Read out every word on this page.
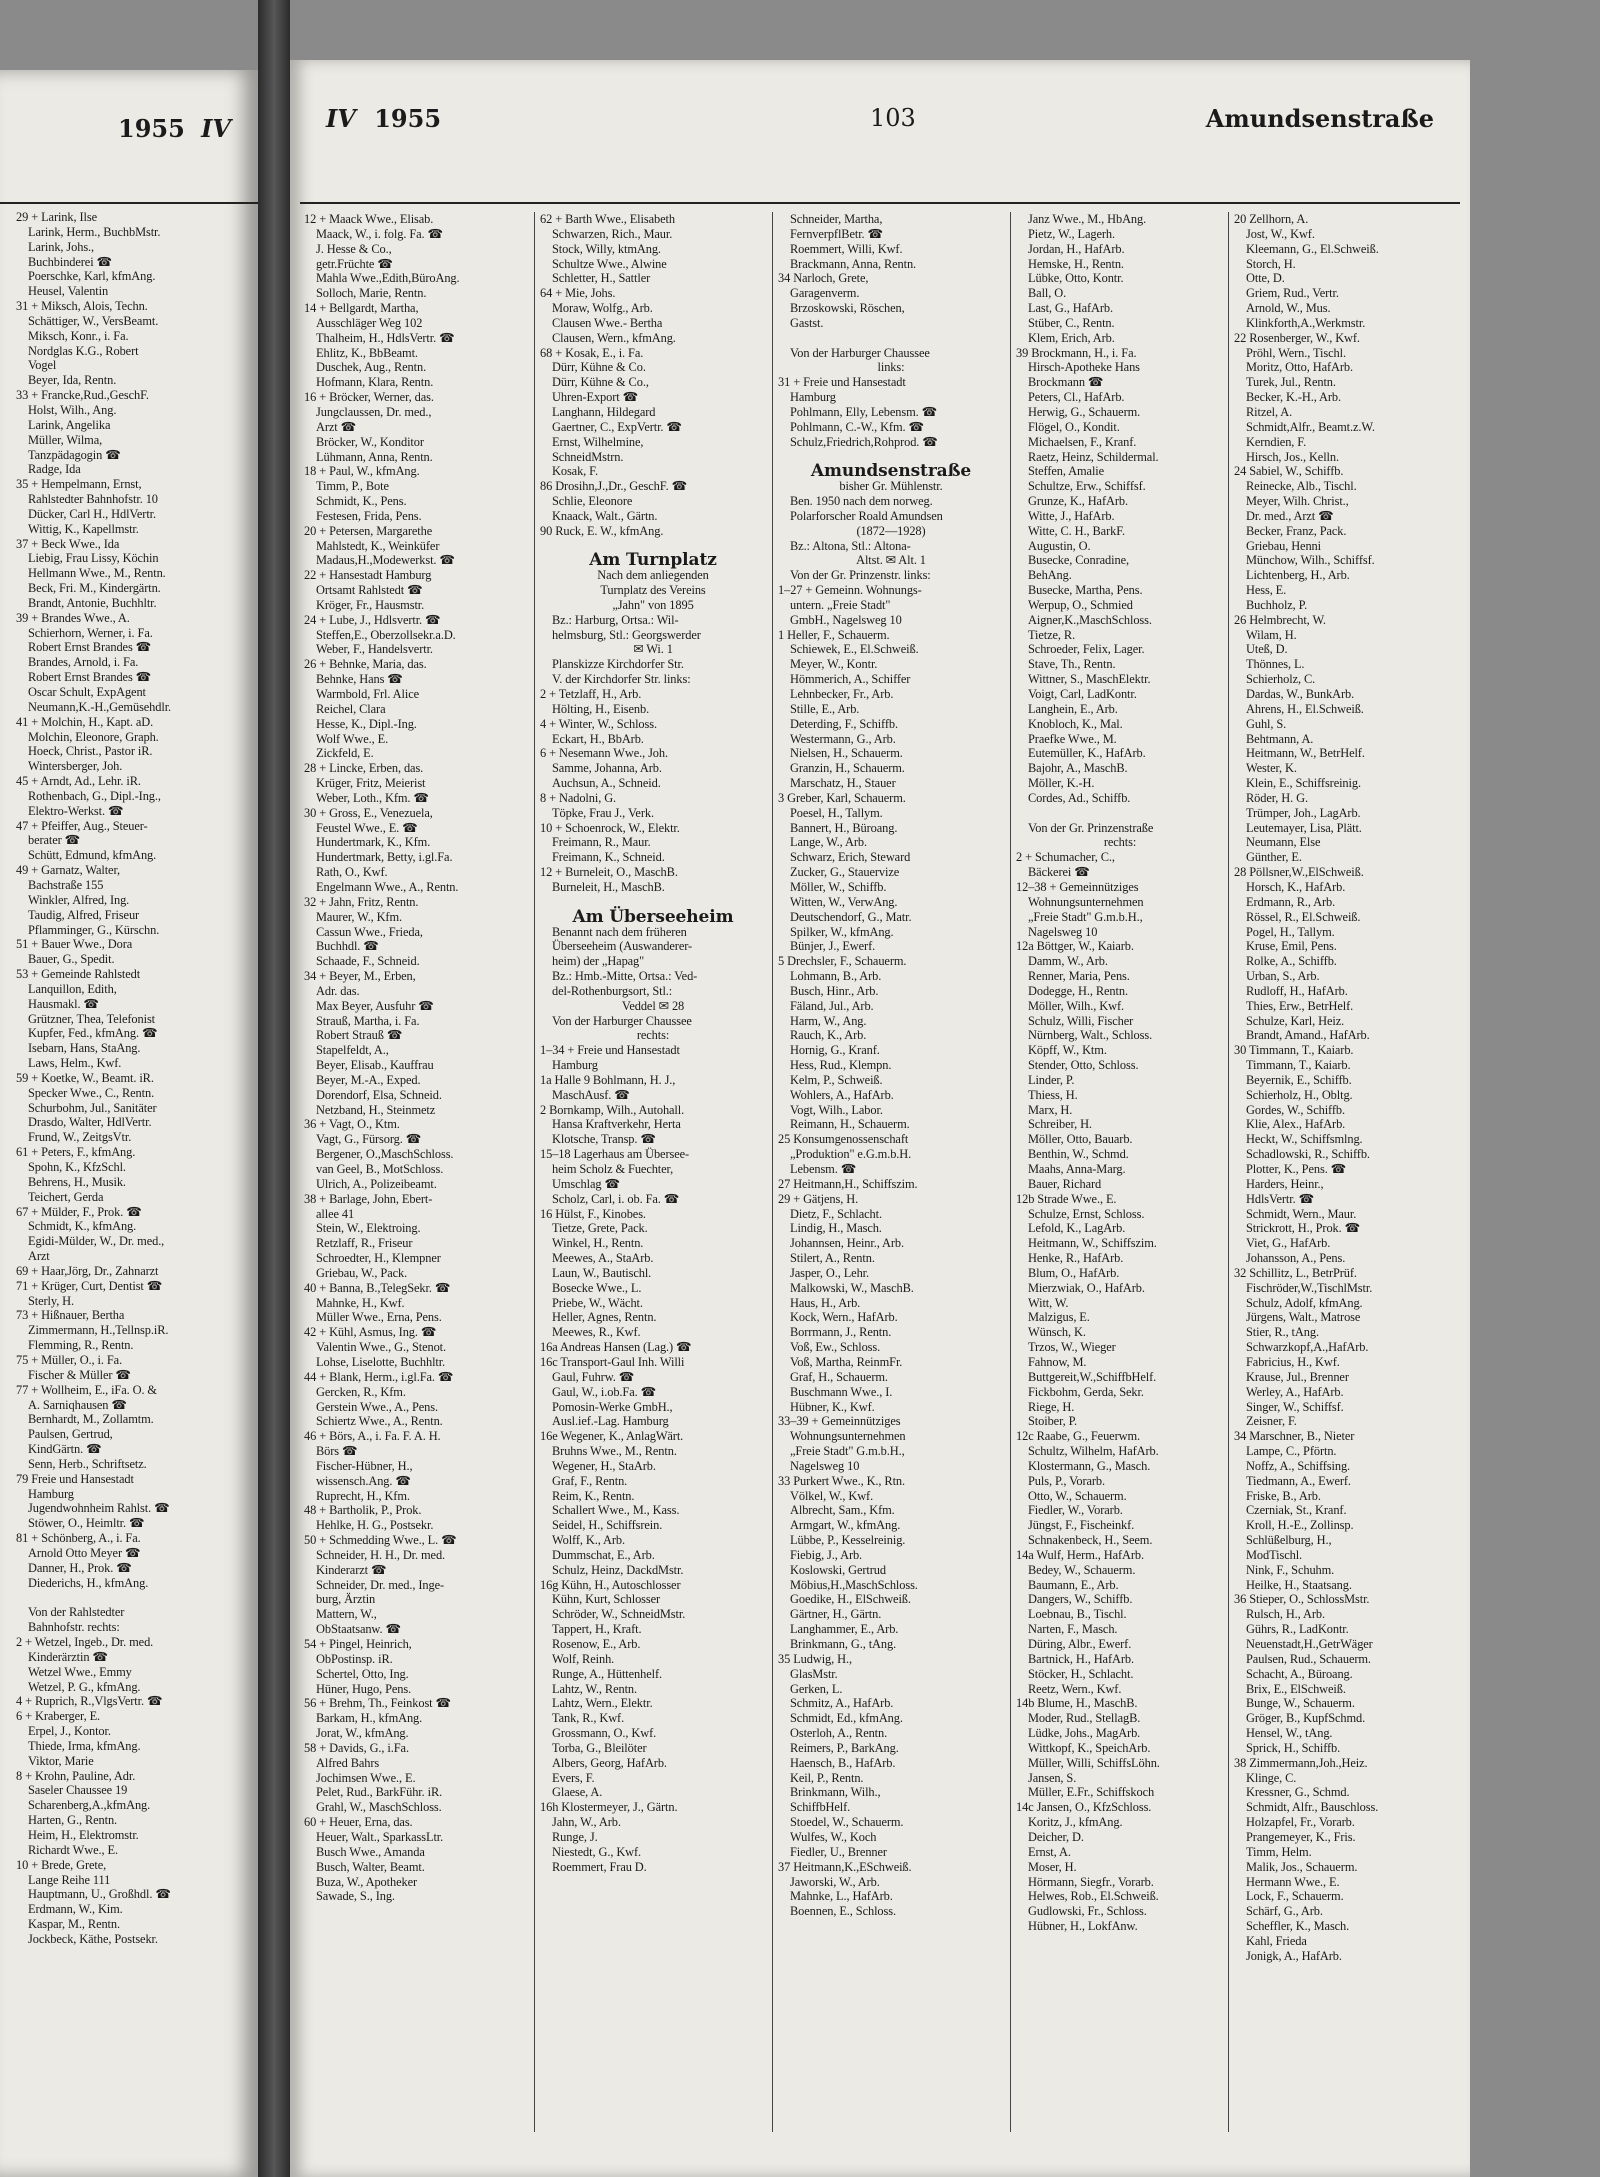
1955 IV
29 + Larink, Ilse
Larink, Herm., BuchbMstr.
Larink, Johs.,
Buchbinderei ☎
Poerschke, Karl, kfmAng.
Heusel, Valentin
31 + Miksch, Alois, Techn.
Schättiger, W., VersBeamt.
Miksch, Konr., i. Fa.
Nordglas K.G., Robert
Vogel
Beyer, Ida, Rentn.
33 + Francke,Rud.,GeschF.
Holst, Wilh., Ang.
Larink, Angelika
Müller, Wilma,
Tanzpädagogin ☎
Radge, Ida
35 + Hempelmann, Ernst,
Rahlstedter Bahnhofstr. 10
Dücker, Carl H., HdlVertr.
Wittig, K., Kapellmstr.
37 + Beck Wwe., Ida
Liebig, Frau Lissy, Köchin
Hellmann Wwe., M., Rentn.
Beck, Fri. M., Kindergärtn.
Brandt, Antonie, Buchhltr.
39 + Brandes Wwe., A.
Schierhorn, Werner, i. Fa.
Robert Ernst Brandes ☎
Brandes, Arnold, i. Fa.
Robert Ernst Brandes ☎
Oscar Schult, ExpAgent
Neumann,K.-H.,Gemüsehdlr.
41 + Molchin, H., Kapt. aD.
Molchin, Eleonore, Graph.
Hoeck, Christ., Pastor iR.
Wintersberger, Joh.
45 + Arndt, Ad., Lehr. iR.
Rothenbach, G., Dipl.-Ing.,
Elektro-Werkst. ☎
47 + Pfeiffer, Aug., Steuer-
berater ☎
Schütt, Edmund, kfmAng.
49 + Garnatz, Walter,
Bachstraße 155
Winkler, Alfred, Ing.
Taudig, Alfred, Friseur
Pflamminger, G., Kürschn.
51 + Bauer Wwe., Dora
Bauer, G., Spedit.
53 + Gemeinde Rahlstedt
Lanquillon, Edith,
Hausmakl. ☎
Grützner, Thea, Telefonist
Kupfer, Fed., kfmAng. ☎
Isebarn, Hans, StaAng.
Laws, Helm., Kwf.
59 + Koetke, W., Beamt. iR.
Specker Wwe., C., Rentn.
Schurbohm, Jul., Sanitäter
Drasdo, Walter, HdlVertr.
Frund, W., ZeitgsVtr.
61 + Peters, F., kfmAng.
Spohn, K., KfzSchl.
Behrens, H., Musik.
Teichert, Gerda
67 + Mülder, F., Prok. ☎
Schmidt, K., kfmAng.
Egidi-Mülder, W., Dr. med.,
Arzt
69 + Haar,Jörg, Dr., Zahnarzt
71 + Krüger, Curt, Dentist ☎
Sterly, H.
73 + Hißnauer, Bertha
Zimmermann, H.,Tellnsp.iR.
Flemming, R., Rentn.
75 + Müller, O., i. Fa.
Fischer & Müller ☎
77 + Wollheim, E., iFa. O. &
A. Sarniqhausen ☎
Bernhardt, M., Zollamtm.
Paulsen, Gertrud,
KindGärtn. ☎
Senn, Herb., Schriftsetz.
79 Freie und Hansestadt
Hamburg
Jugendwohnheim Rahlst. ☎
Stöwer, O., Heimltr. ☎
81 + Schönberg, A., i. Fa.
Arnold Otto Meyer ☎
Danner, H., Prok. ☎
Diederichs, H., kfmAng.
Von der Rahlstedter
Bahnhofstr. rechts:
2 + Wetzel, Ingeb., Dr. med.
Kinderärztin ☎
Wetzel Wwe., Emmy
Wetzel, P. G., kfmAng.
4 + Ruprich, R.,VlgsVertr. ☎
6 + Kraberger, E.
Erpel, J., Kontor.
Thiede, Irma, kfmAng.
Viktor, Marie
8 + Krohn, Pauline, Adr.
Saseler Chaussee 19
Scharenberg,A.,kfmAng.
Harten, G., Rentn.
Heim, H., Elektromstr.
Richardt Wwe., E.
10 + Brede, Grete,
Lange Reihe 111
Hauptmann, U., Großhdl. ☎
Erdmann, W., Kim.
Kaspar, M., Rentn.
Jockbeck, Käthe, Postsekr.
IV 1955	103	Amundsenstraße
12 + Maack Wwe., Elisab.
Maack, W., i. folg. Fa. ☎
J. Hesse & Co.,
getr.Früchte ☎
Mahla Wwe.,Edith,BüroAng.
Solloch, Marie, Rentn.
14 + Bellgardt, Martha,
Ausschläger Weg 102
Thalheim, H., HdlsVertr. ☎
Ehlitz, K., BbBeamt.
Duschek, Aug., Rentn.
Hofmann, Klara, Rentn.
16 + Bröcker, Werner, das.
Jungclaussen, Dr. med.,
Arzt ☎
Bröcker, W., Konditor
Lühmann, Anna, Rentn.
18 + Paul, W., kfmAng.
Timm, P., Bote
Schmidt, K., Pens.
Festesen, Frida, Pens.
20 + Petersen, Margarethe
Mahlstedt, K., Weinküfer
Madaus,H.,Modewerkst. ☎
22 + Hansestadt Hamburg
Ortsamt Rahlstedt ☎
Kröger, Fr., Hausmstr.
24 + Lube, J., Hdlsvertr. ☎
Steffen,E., Oberzollsekr.a.D.
Weber, F., Handelsvertr.
26 + Behnke, Maria, das.
Behnke, Hans ☎
Warmbold, Frl. Alice
Reichel, Clara
Hesse, K., Dipl.-Ing.
Wolf Wwe., E.
Zickfeld, E.
28 + Lincke, Erben, das.
Krüger, Fritz, Meierist
Weber, Loth., Kfm. ☎
30 + Gross, E., Venezuela,
Feustel Wwe., E. ☎
Hundertmark, K., Kfm.
Hundertmark, Betty, i.gl.Fa.
Rath, O., Kwf.
Engelmann Wwe., A., Rentn.
32 + Jahn, Fritz, Rentn.
Maurer, W., Kfm.
Cassun Wwe., Frieda,
Buchhdl. ☎
Schaade, F., Schneid.
34 + Beyer, M., Erben,
Adr. das.
Max Beyer, Ausfuhr ☎
Strauß, Martha, i. Fa.
Robert Strauß ☎
Stapelfeldt, A.,
Beyer, Elisab., Kauffrau
Beyer, M.-A., Exped.
Dorendorf, Elsa, Schneid.
Netzband, H., Steinmetz
36 + Vagt, O., Ktm.
Vagt, G., Fürsorg. ☎
Bergener, O.,MaschSchloss.
van Geel, B., MotSchloss.
Ulrich, A., Polizeibeamt.
38 + Barlage, John, Ebert-
allee 41
Stein, W., Elektroing.
Retzlaff, R., Friseur
Schroedter, H., Klempner
Griebau, W., Pack.
40 + Banna, B.,TelegSekr. ☎
Mahnke, H., Kwf.
Müller Wwe., Erna, Pens.
42 + Kühl, Asmus, Ing. ☎
Valentin Wwe., G., Stenot.
Lohse, Liselotte, Buchhltr.
44 + Blank, Herm., i.gl.Fa. ☎
Gercken, R., Kfm.
Gerstein Wwe., A., Pens.
Schiertz Wwe., A., Rentn.
46 + Börs, A., i. Fa. F. A. H.
Börs ☎
Fischer-Hübner, H.,
wissensch.Ang. ☎
Ruprecht, H., Kfm.
48 + Bartholik, P., Prok.
Hehlke, H. G., Postsekr.
50 + Schmedding Wwe., L. ☎
Schneider, H. H., Dr. med.
Kinderarzt ☎
Schneider, Dr. med., Inge-
burg, Ärztin
Mattern, W.,
ObStaatsanw. ☎
54 + Pingel, Heinrich,
ObPostinsp. iR.
Schertel, Otto, Ing.
Hüner, Hugo, Pens.
56 + Brehm, Th., Feinkost ☎
Barkam, H., kfmAng.
Jorat, W., kfmAng.
58 + Davids, G., i.Fa.
Alfred Bahrs
Jochimsen Wwe., E.
Pelet, Rud., BarkFühr. iR.
Grahl, W., MaschSchloss.
60 + Heuer, Erna, das.
Heuer, Walt., SparkassLtr.
Busch Wwe., Amanda
Busch, Walter, Beamt.
Buza, W., Apotheker
Sawade, S., Ing.
62 + Barth Wwe., Elisabeth
Schwarzen, Rich., Maur.
Stock, Willy, ktmAng.
Schultze Wwe., Alwine
Schletter, H., Sattler
64 + Mie, Johs.
Moraw, Wolfg., Arb.
Clausen Wwe.- Bertha
Clausen, Wern., kfmAng.
68 + Kosak, E., i. Fa.
Dürr, Kühne & Co.
Dürr, Kühne & Co.,
Uhren-Export ☎
Langhann, Hildegard
Gaertner, C., ExpVertr. ☎
Ernst, Wilhelmine,
SchneidMstrn.
Kosak, F.
86 Drosihn,J.,Dr., GeschF. ☎
Schlie, Eleonore
Knaack, Walt., Gärtn.
90 Ruck, E. W., kfmAng.
Am Turnplatz
Nach dem anliegenden
Turnplatz des Vereins
„Jahn" von 1895
Bz.: Harburg, Ortsa.: Wil-
helmsburg, Stl.: Georgswerder
✉ Wi. 1
Planskizze Kirchdorfer Str.
V. der Kirchdorfer Str. links:
2 + Tetzlaff, H., Arb.
Hölting, H., Eisenb.
4 + Winter, W., Schloss.
Eckart, H., BbArb.
6 + Nesemann Wwe., Joh.
Samme, Johanna, Arb.
Auchsun, A., Schneid.
8 + Nadolni, G.
Töpke, Frau J., Verk.
10 + Schoenrock, W., Elektr.
Freimann, R., Maur.
Freimann, K., Schneid.
12 + Burneleit, O., MaschB.
Burneleit, H., MaschB.
Am Überseeheim
Benannt nach dem früheren
Überseeheim (Auswanderer-
heim) der „Hapag"
Bz.: Hmb.-Mitte, Ortsa.: Ved-
del-Rothenburgsort, Stl.:
Veddel ✉ 28
Von der Harburger Chaussee
rechts:
1–34 + Freie und Hansestadt
Hamburg
1a Halle 9 Bohlmann, H. J.,
MaschAusf. ☎
2 Bornkamp, Wilh., Autohall.
Hansa Kraftverkehr, Herta
Klotsche, Transp. ☎
15–18 Lagerhaus am Übersee-
heim Scholz & Fuechter,
Umschlag ☎
Scholz, Carl, i. ob. Fa. ☎
16 Hülst, F., Kinobes.
Tietze, Grete, Pack.
Winkel, H., Rentn.
Meewes, A., StaArb.
Laun, W., Bautischl.
Bosecke Wwe., L.
Priebe, W., Wächt.
Heller, Agnes, Rentn.
Meewes, R., Kwf.
16a Andreas Hansen (Lag.) ☎
16c Transport-Gaul Inh. Willi
Gaul, Fuhrw. ☎
Gaul, W., i.ob.Fa. ☎
Pomosin-Werke GmbH.,
Ausl.ief.-Lag. Hamburg
16e Wegener, K., AnlagWärt.
Bruhns Wwe., M., Rentn.
Wegener, H., StaArb.
Graf, F., Rentn.
Reim, K., Rentn.
Schallert Wwe., M., Kass.
Seidel, H., Schiffsrein.
Wolff, K., Arb.
Dummschat, E., Arb.
Schulz, Heinz, DackdMstr.
16g Kühn, H., Autoschlosser
Kühn, Kurt, Schlosser
Schröder, W., SchneidMstr.
Tappert, H., Kraft.
Rosenow, E., Arb.
Wolf, Reinh.
Runge, A., Hüttenhelf.
Lahtz, W., Rentn.
Lahtz, Wern., Elektr.
Tank, R., Kwf.
Grossmann, O., Kwf.
Torba, G., Bleilöter
Albers, Georg, HafArb.
Evers, F.
Glaese, A.
16h Klostermeyer, J., Gärtn.
Jahn, W., Arb.
Runge, J.
Niestedt, G., Kwf.
Roemmert, Frau D.
Schneider, Martha,
FernverpflBetr. ☎
Roemmert, Willi, Kwf.
Brackmann, Anna, Rentn.
34 Narloch, Grete,
Garagenverm.
Brzoskowski, Röschen,
Gastst.
Von der Harburger Chaussee
links:
31 + Freie und Hansestadt
Hamburg
Pohlmann, Elly, Lebensm. ☎
Pohlmann, C.-W., Kfm. ☎
Schulz,Friedrich,Rohprod. ☎
Amundsenstraße
bisher Gr. Mühlenstr.
Ben. 1950 nach dem norweg.
Polarforscher Roald Amundsen
(1872—1928)
Bz.: Altona, Stl.: Altona-
Altst. ✉ Alt. 1
Von der Gr. Prinzenstr. links:
1–27 + Gemeinn. Wohnungs-
untern. „Freie Stadt"
GmbH., Nagelsweg 10
1 Heller, F., Schauerm.
Schiewek, E., El.Schweiß.
Meyer, W., Kontr.
Hömmerich, A., Schiffer
Lehnbecker, Fr., Arb.
Stille, E., Arb.
Deterding, F., Schiffb.
Westermann, G., Arb.
Nielsen, H., Schauerm.
Granzin, H., Schauerm.
Marschatz, H., Stauer
3 Greber, Karl, Schauerm.
Poesel, H., Tallym.
Bannert, H., Büroang.
Lange, W., Arb.
Schwarz, Erich, Steward
Zucker, G., Stauervize
Möller, W., Schiffb.
Witten, W., VerwAng.
Deutschendorf, G., Matr.
Spilker, W., kfmAng.
Bünjer, J., Ewerf.
5 Drechsler, F., Schauerm.
Lohmann, B., Arb.
Busch, Hinr., Arb.
Fäland, Jul., Arb.
Harm, W., Ang.
Rauch, K., Arb.
Hornig, G., Kranf.
Hess, Rud., Klempn.
Kelm, P., Schweiß.
Wohlers, A., HafArb.
Vogt, Wilh., Labor.
Reimann, H., Schauerm.
25 Konsumgenossenschaft
„Produktion" e.G.m.b.H.
Lebensm. ☎
27 Heitmann,H., Schiffszim.
29 + Gätjens, H.
Dietz, F., Schlacht.
Lindig, H., Masch.
Johannsen, Heinr., Arb.
Stilert, A., Rentn.
Jasper, O., Lehr.
Malkowski, W., MaschB.
Haus, H., Arb.
Kock, Wern., HafArb.
Borrmann, J., Rentn.
Voß, Ew., Schloss.
Voß, Martha, ReinmFr.
Graf, H., Schauerm.
Buschmann Wwe., I.
Hübner, K., Kwf.
33–39 + Gemeinnütziges
Wohnungsunternehmen
„Freie Stadt" G.m.b.H.,
Nagelsweg 10
33 Purkert Wwe., K., Rtn.
Völkel, W., Kwf.
Albrecht, Sam., Kfm.
Armgart, W., kfmAng.
Lübbe, P., Kesselreinig.
Fiebig, J., Arb.
Koslowski, Gertrud
Möbius,H.,MaschSchloss.
Goedike, H., ElSchweiß.
Gärtner, H., Gärtn.
Langhammer, E., Arb.
Brinkmann, G., tAng.
35 Ludwig, H.,
GlasMstr.
Gerken, L.
Schmitz, A., HafArb.
Schmidt, Ed., kfmAng.
Osterloh, A., Rentn.
Reimers, P., BarkAng.
Haensch, B., HafArb.
Keil, P., Rentn.
Brinkmann, Wilh.,
SchiffbHelf.
Stoedel, W., Schauerm.
Wulfes, W., Koch
Fiedler, U., Brenner
37 Heitmann,K.,ESchweiß.
Jaworski, W., Arb.
Mahnke, L., HafArb.
Boennen, E., Schloss.
Janz Wwe., M., HbAng.
Pietz, W., Lagerh.
Jordan, H., HafArb.
Hemske, H., Rentn.
Lübke, Otto, Kontr.
Ball, O.
Last, G., HafArb.
Stüber, C., Rentn.
Klem, Erich, Arb.
39 Brockmann, H., i. Fa.
Hirsch-Apotheke Hans
Brockmann ☎
Peters, Cl., HafArb.
Herwig, G., Schauerm.
Flögel, O., Kondit.
Michaelsen, F., Kranf.
Raetz, Heinz, Schildermal.
Steffen, Amalie
Schultze, Erw., Schiffsf.
Grunze, K., HafArb.
Witte, J., HafArb.
Witte, C. H., BarkF.
Augustin, O.
Busecke, Conradine,
BehAng.
Busecke, Martha, Pens.
Werpup, O., Schmied
Aigner,K.,MaschSchloss.
Tietze, R.
Schroeder, Felix, Lager.
Stave, Th., Rentn.
Wittner, S., MaschElektr.
Voigt, Carl, LadKontr.
Langhein, E., Arb.
Knobloch, K., Mal.
Praefke Wwe., M.
Eutemüller, K., HafArb.
Bajohr, A., MaschB.
Möller, K.-H.
Cordes, Ad., Schiffb.
Von der Gr. Prinzenstraße
rechts:
2 + Schumacher, C.,
Bäckerei ☎
12–38 + Gemeinnütziges
Wohnungsunternehmen
„Freie Stadt" G.m.b.H.,
Nagelsweg 10
12a Böttger, W., Kaiarb.
Damm, W., Arb.
Renner, Maria, Pens.
Dodegge, H., Rentn.
Möller, Wilh., Kwf.
Schulz, Willi, Fischer
Nürnberg, Walt., Schloss.
Köpff, W., Ktm.
Stender, Otto, Schloss.
Linder, P.
Thiess, H.
Marx, H.
Schreiber, H.
Möller, Otto, Bauarb.
Benthin, W., Schmd.
Maahs, Anna-Marg.
Bauer, Richard
12b Strade Wwe., E.
Schulze, Ernst, Schloss.
Lefold, K., LagArb.
Heitmann, W., Schiffszim.
Henke, R., HafArb.
Blum, O., HafArb.
Mierzwiak, O., HafArb.
Witt, W.
Malzigus, E.
Wünsch, K.
Trzos, W., Wieger
Fahnow, M.
Buttgereit,W.,SchiffbHelf.
Fickbohm, Gerda, Sekr.
Riege, H.
Stoiber, P.
12c Raabe, G., Feuerwm.
Schultz, Wilhelm, HafArb.
Klostermann, G., Masch.
Puls, P., Vorarb.
Otto, W., Schauerm.
Fiedler, W., Vorarb.
Jüngst, F., Fischeinkf.
Schnakenbeck, H., Seem.
14a Wulf, Herm., HafArb.
Bedey, W., Schauerm.
Baumann, E., Arb.
Dangers, W., Schiffb.
Loebnau, B., Tischl.
Narten, F., Masch.
Düring, Albr., Ewerf.
Bartnick, H., HafArb.
Stöcker, H., Schlacht.
Reetz, Wern., Kwf.
14b Blume, H., MaschB.
Moder, Rud., StellagB.
Lüdke, Johs., MagArb.
Wittkopf, K., SpeichArb.
Müller, Willi, SchiffsLöhn.
Jansen, S.
Müller, E.Fr., Schiffskoch
14c Jansen, O., KfzSchloss.
Koritz, J., kfmAng.
Deicher, D.
Ernst, A.
Moser, H.
Hörmann, Siegfr., Vorarb.
Helwes, Rob., El.Schweiß.
Gudlowski, Fr., Schloss.
Hübner, H., LokfAnw.
20 Zellhorn, A.
Jost, W., Kwf.
Kleemann, G., El.Schweiß.
Storch, H.
Otte, D.
Griem, Rud., Vertr.
Arnold, W., Mus.
Klinkforth,A.,Werkmstr.
22 Rosenberger, W., Kwf.
Pröhl, Wern., Tischl.
Moritz, Otto, HafArb.
Turek, Jul., Rentn.
Becker, K.-H., Arb.
Ritzel, A.
Schmidt,Alfr., Beamt.z.W.
Kerndien, F.
Hirsch, Jos., Kelln.
24 Sabiel, W., Schiffb.
Reinecke, Alb., Tischl.
Meyer, Wilh. Christ.,
Dr. med., Arzt ☎
Becker, Franz, Pack.
Griebau, Henni
Münchow, Wilh., Schiffsf.
Lichtenberg, H., Arb.
Hess, E.
Buchholz, P.
26 Helmbrecht, W.
Wilam, H.
Uteß, D.
Thönnes, L.
Schierholz, C.
Dardas, W., BunkArb.
Ahrens, H., El.Schweiß.
Guhl, S.
Behtmann, A.
Heitmann, W., BetrHelf.
Wester, K.
Klein, E., Schiffsreinig.
Röder, H. G.
Trümper, Joh., LagArb.
Leutemayer, Lisa, Plätt.
Neumann, Else
Günther, E.
28 Pöllsner,W.,ElSchweiß.
Horsch, K., HafArb.
Erdmann, R., Arb.
Rössel, R., El.Schweiß.
Pogel, H., Tallym.
Kruse, Emil, Pens.
Rolke, A., Schiffb.
Urban, S., Arb.
Rudloff, H., HafArb.
Thies, Erw., BetrHelf.
Schulze, Karl, Heiz.
Brandt, Amand., HafArb.
30 Timmann, T., Kaiarb.
Timmann, T., Kaiarb.
Beyernik, E., Schiffb.
Schierholz, H., Obltg.
Gordes, W., Schiffb.
Klie, Alex., HafArb.
Heckt, W., Schiffsmlng.
Schadlowski, R., Schiffb.
Plotter, K., Pens. ☎
Harders, Heinr.,
HdlsVertr. ☎
Schmidt, Wern., Maur.
Strickrott, H., Prok. ☎
Viet, G., HafArb.
Johansson, A., Pens.
32 Schillitz, L., BetrPrüf.
Fischröder,W.,TischlMstr.
Schulz, Adolf, kfmAng.
Jürgens, Walt., Matrose
Stier, R., tAng.
Schwarzkopf,A.,HafArb.
Fabricius, H., Kwf.
Krause, Jul., Brenner
Werley, A., HafArb.
Singer, W., Schiffsf.
Zeisner, F.
34 Marschner, B., Nieter
Lampe, C., Pförtn.
Noffz, A., Schiffsing.
Tiedmann, A., Ewerf.
Friske, B., Arb.
Czerniak, St., Kranf.
Kroll, H.-E., Zollinsp.
Schlüßelburg, H.,
ModTischl.
Nink, F., Schuhm.
Heilke, H., Staatsang.
36 Stieper, O., SchlossMstr.
Rulsch, H., Arb.
Gührs, R., LadKontr.
Neuenstadt,H.,GetrWäger
Paulsen, Rud., Schauerm.
Schacht, A., Büroang.
Brix, E., ElSchweiß.
Bunge, W., Schauerm.
Gröger, B., KupfSchmd.
Hensel, W., tAng.
Sprick, H., Schiffb.
38 Zimmermann,Joh.,Heiz.
Klinge, C.
Kressner, G., Schmd.
Schmidt, Alfr., Bauschloss.
Holzapfel, Fr., Vorarb.
Prangemeyer, K., Fris.
Timm, Helm.
Malik, Jos., Schauerm.
Hermann Wwe., E.
Lock, F., Schauerm.
Schärf, G., Arb.
Scheffler, K., Masch.
Kahl, Frieda
Jonigk, A., HafArb.
